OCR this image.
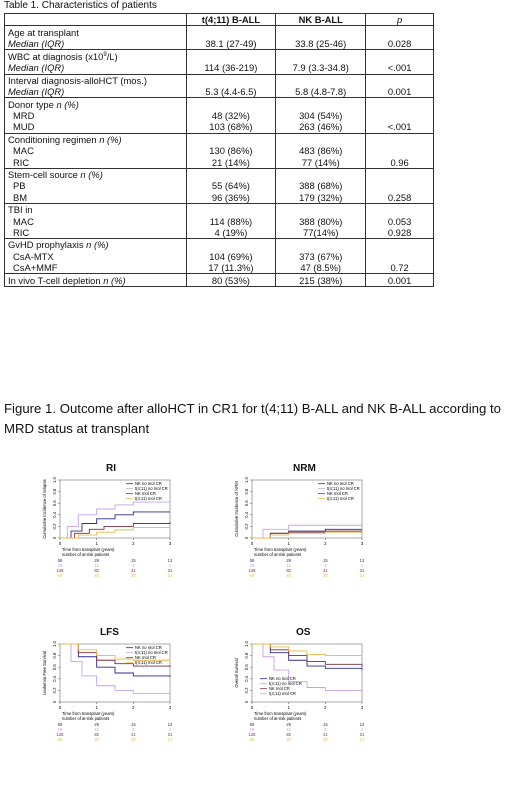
Table 1. Characteristics of patients
	t(4;11) B-ALL	NK B-ALL	p
Age at transplant			
Median (IQR)	38.1 (27-49)	33.8 (25-46)	0.028
WBC at diagnosis $(x10^9/L)$			
Median (IQR)	114 (36-219)	7.9 (3.3-34.8)	<.001
Interval diagnosis-alloHCT (mos.)			
Median (IQR)	5.3 (4.4-6.5)	5.8 (4.8-7.8)	0.001
Donor type n (%)			
MRD	48 (32%)	304 (54%)	
MUD	103 (68%)	263 (46%)	<.001
Conditioning regimen n (%)			
MAC	130 (86%)	483 (86%)	
RIC	21 (14%)	77 (14%)	0.96
Stem-cell source n (%)			
PB	55 (64%)	388 (68%)	
BM	96 (36%)	179 (32%)	0.258
TBI in			
MAC	114 (88%)	388 (80%)	0.053
RIC	4 (19%)	77(14%)	0.928
GvHD prophylaxis n (%)			
CsA-MTX	104 (69%)	373 (67%)	
CsA+MMF	17 (11.3%)	47 (8.5%)	0.72
In vivo T-cell depletion n (%)	80 (53%)	215 (38%)	0.001
Figure 1. Outcome after alloHCT in CR1 for t(4;11) B-ALL and NK B-ALL according to MRD status at transplant
RI	NRM
LFS	OS
0
0.2
0.4
0.6
0.8
1.0
0	1	2	3
Cumulative Incidence of relapse
Time from transplant (years)
number of at-risk patients
NK no mol CR
t(4;11) no mol CR
NK mol CR
t(4;11) mol CR
59	29	15	13
29	11	3	1
128	82	41	31
60	40	30	21
0
0.2
0.4
0.6
0.8
1.0
0	1	2	3
Cumulative Incidence of NRM
Time from transplant (years)
number of at-risk patients
NK no mol CR
t(4;11) no mol CR
NK mol CR
t(4;11) mol CR
59	29	15	13
29	11	3	1
128	82	41	31
60	40	30	21
0
0.2
0.4
0.6
0.8
1.0
0	1	2	3
Leukemia Free Survival
Time from transplant (years)
number of at-risk patients
NK no mol CR
t(4;11) no mol CR
NK mol CR
t(4;11) mol CR
59	29	15	13
29	11	3	1
128	82	41	31
60	40	30	21
0
0.2
0.4
0.6
0.8
1.0
0	1	2	3
Overall Survival
Time from transplant (years)
number of at-risk patients
NK no mol CR
t(4;11) no mol CR
NK mol CR
t(4;11) mol CR
59	29	15	13
29	11	3	1
128	82	41	31
60	40	30	21
